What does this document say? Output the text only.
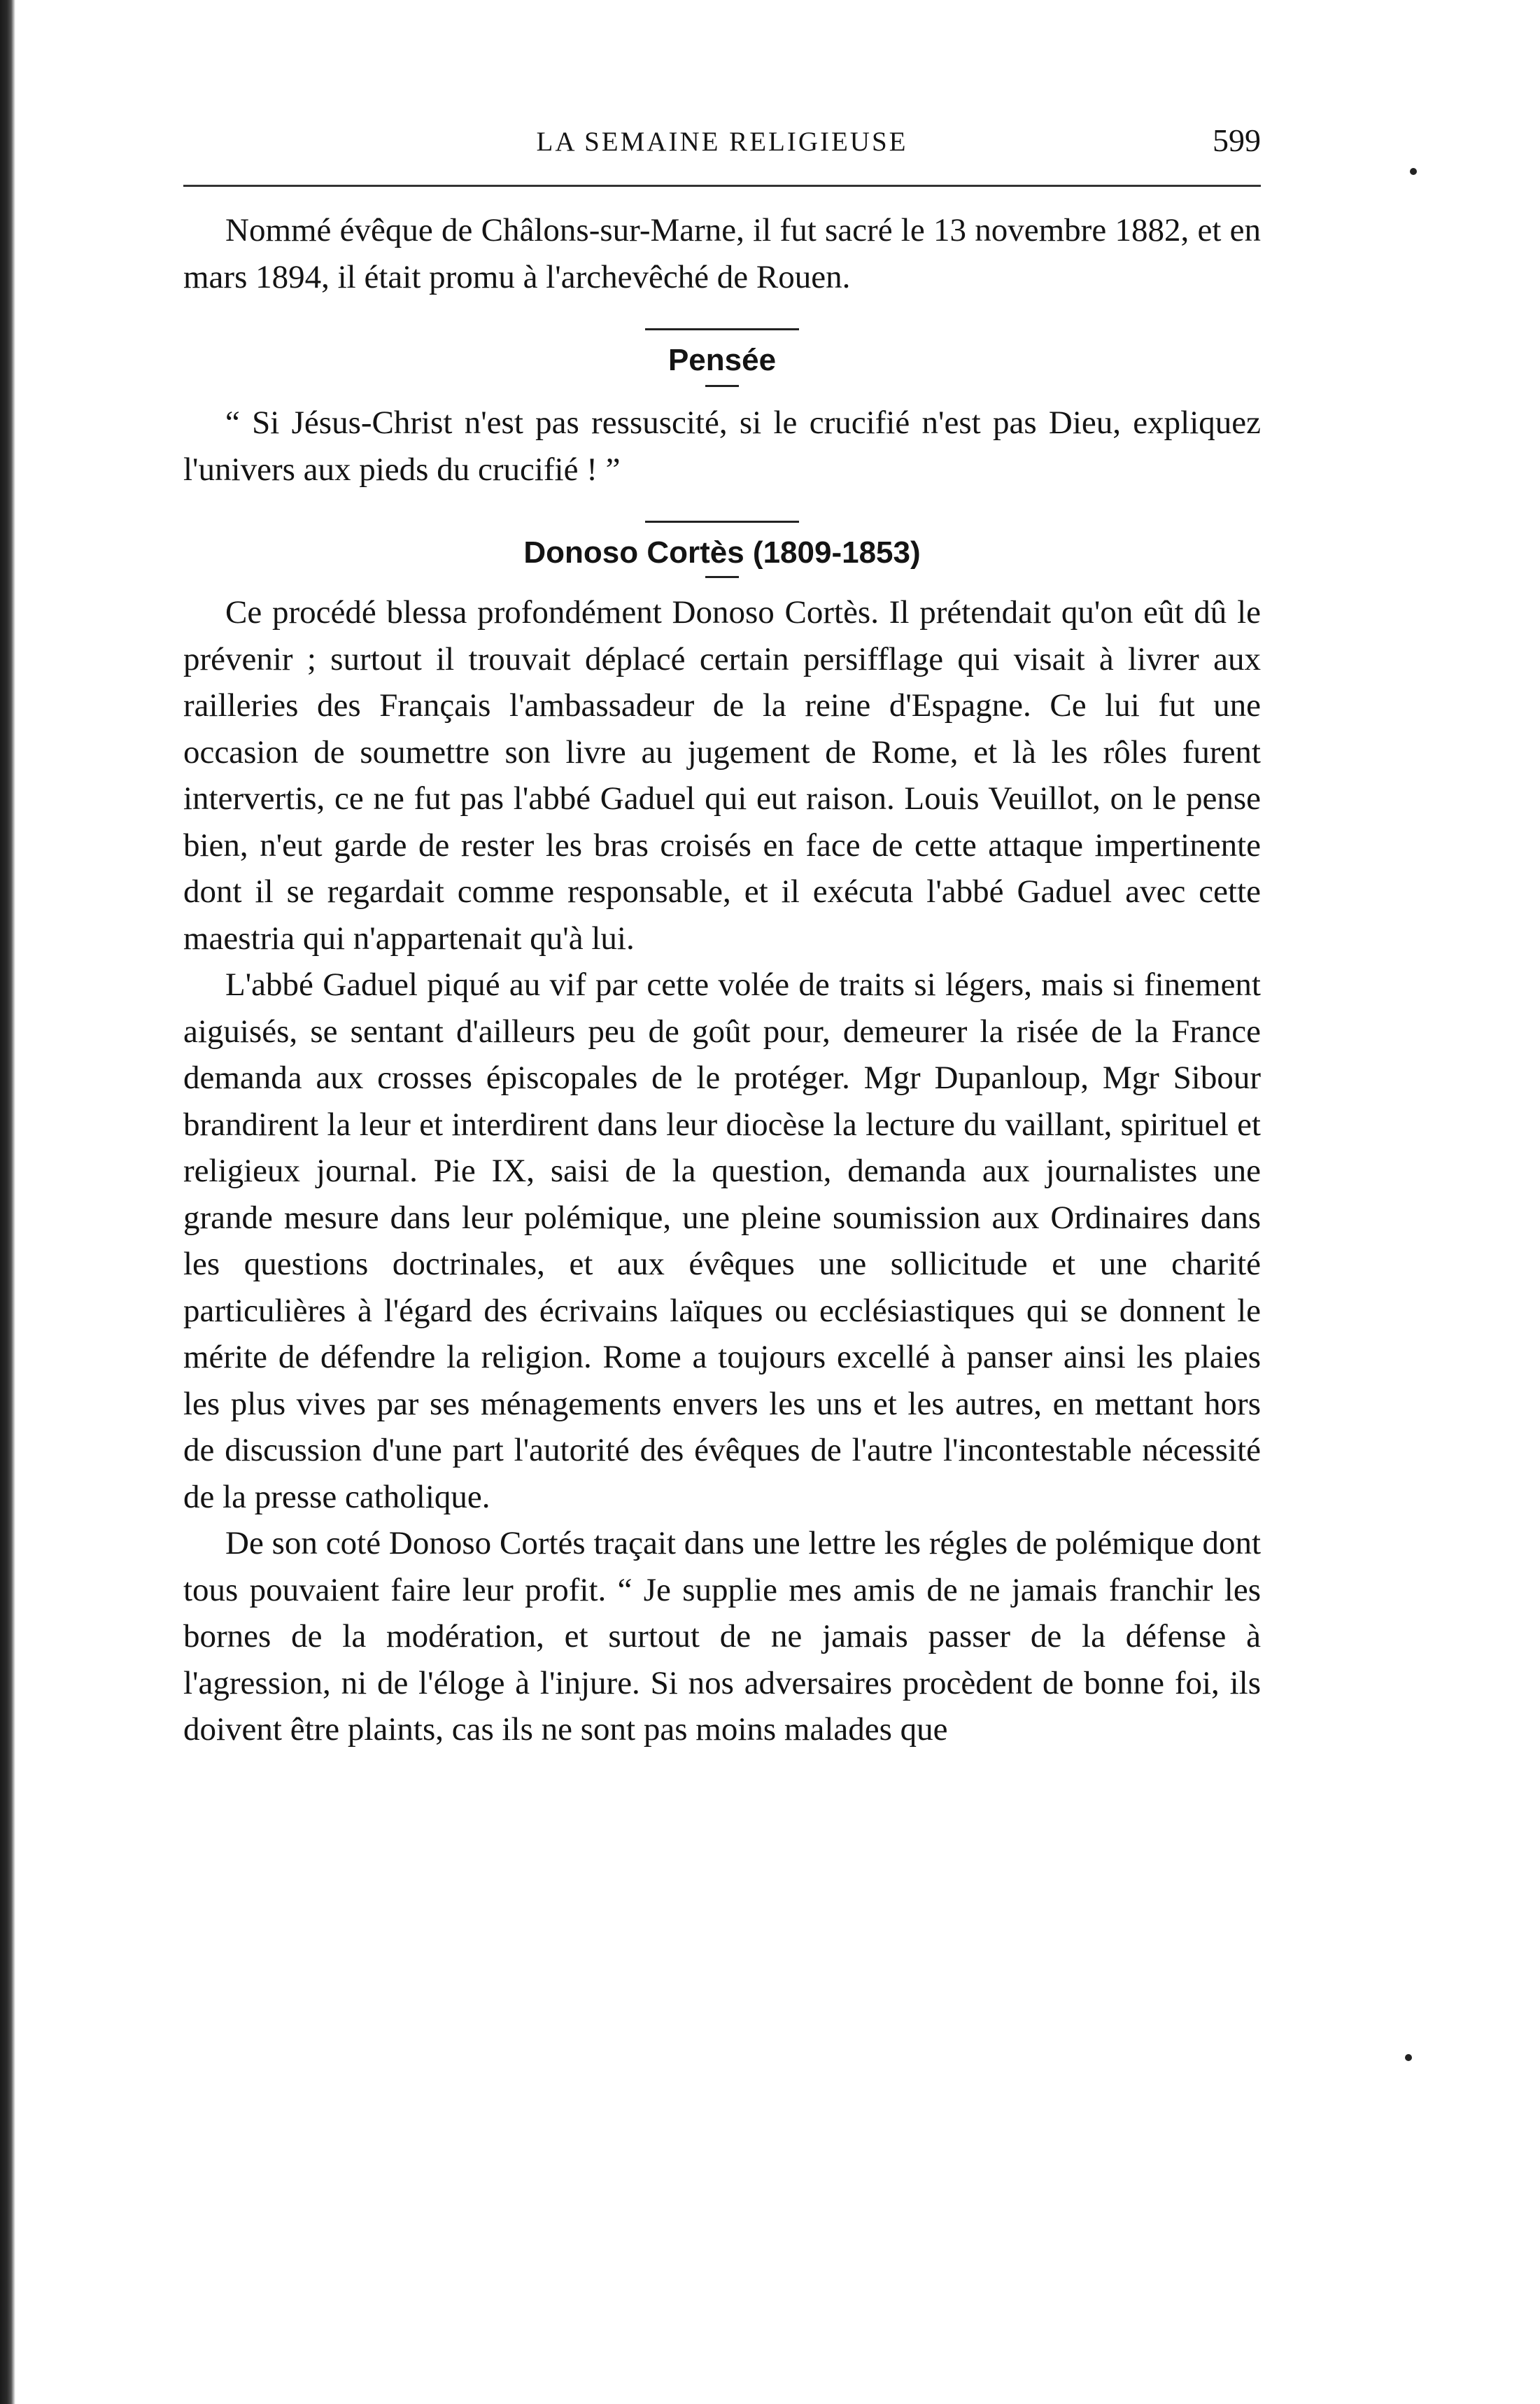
LA SEMAINE RELIGIEUSE	599

Nommé évêque de Châlons-sur-Marne, il fut sacré le 13 novembre 1882, et en mars 1894, il était promu à l'archevêché de Rouen.

Pensée

“ Si Jésus-Christ n'est pas ressuscité, si le crucifié n'est pas Dieu, expliquez l'univers aux pieds du crucifié ! ”

Donoso Cortès (1809-1853)

Ce procédé blessa profondément Donoso Cortès. Il prétendait qu'on eût dû le prévenir ; surtout il trouvait déplacé certain persifflage qui visait à livrer aux railleries des Français l'ambassadeur de la reine d'Espagne. Ce lui fut une occasion de soumettre son livre au jugement de Rome, et là les rôles furent intervertis, ce ne fut pas l'abbé Gaduel qui eut raison. Louis Veuillot, on le pense bien, n'eut garde de rester les bras croisés en face de cette attaque impertinente dont il se regardait comme responsable, et il exécuta l'abbé Gaduel avec cette maestria qui n'appartenait qu'à lui.

L'abbé Gaduel piqué au vif par cette volée de traits si légers, mais si finement aiguisés, se sentant d'ailleurs peu de goût pour, demeurer la risée de la France demanda aux crosses épiscopales de le protéger. Mgr Dupanloup, Mgr Sibour brandirent la leur et interdirent dans leur diocèse la lecture du vaillant, spirituel et religieux journal. Pie IX, saisi de la question, demanda aux journalistes une grande mesure dans leur polémique, une pleine soumission aux Ordinaires dans les questions doctrinales, et aux évêques une sollicitude et une charité particulières à l'égard des écrivains laïques ou ecclésiastiques qui se donnent le mérite de défendre la religion. Rome a toujours excellé à panser ainsi les plaies les plus vives par ses ménagements envers les uns et les autres, en mettant hors de discussion d'une part l'autorité des évêques de l'autre l'incontestable nécessité de la presse catholique.

De son coté Donoso Cortés traçait dans une lettre les régles de polémique dont tous pouvaient faire leur profit. “ Je supplie mes amis de ne jamais franchir les bornes de la modération, et surtout de ne jamais passer de la défense à l'agression, ni de l'éloge à l'injure. Si nos adversaires procèdent de bonne foi, ils doivent être plaints, cas ils ne sont pas moins malades que
